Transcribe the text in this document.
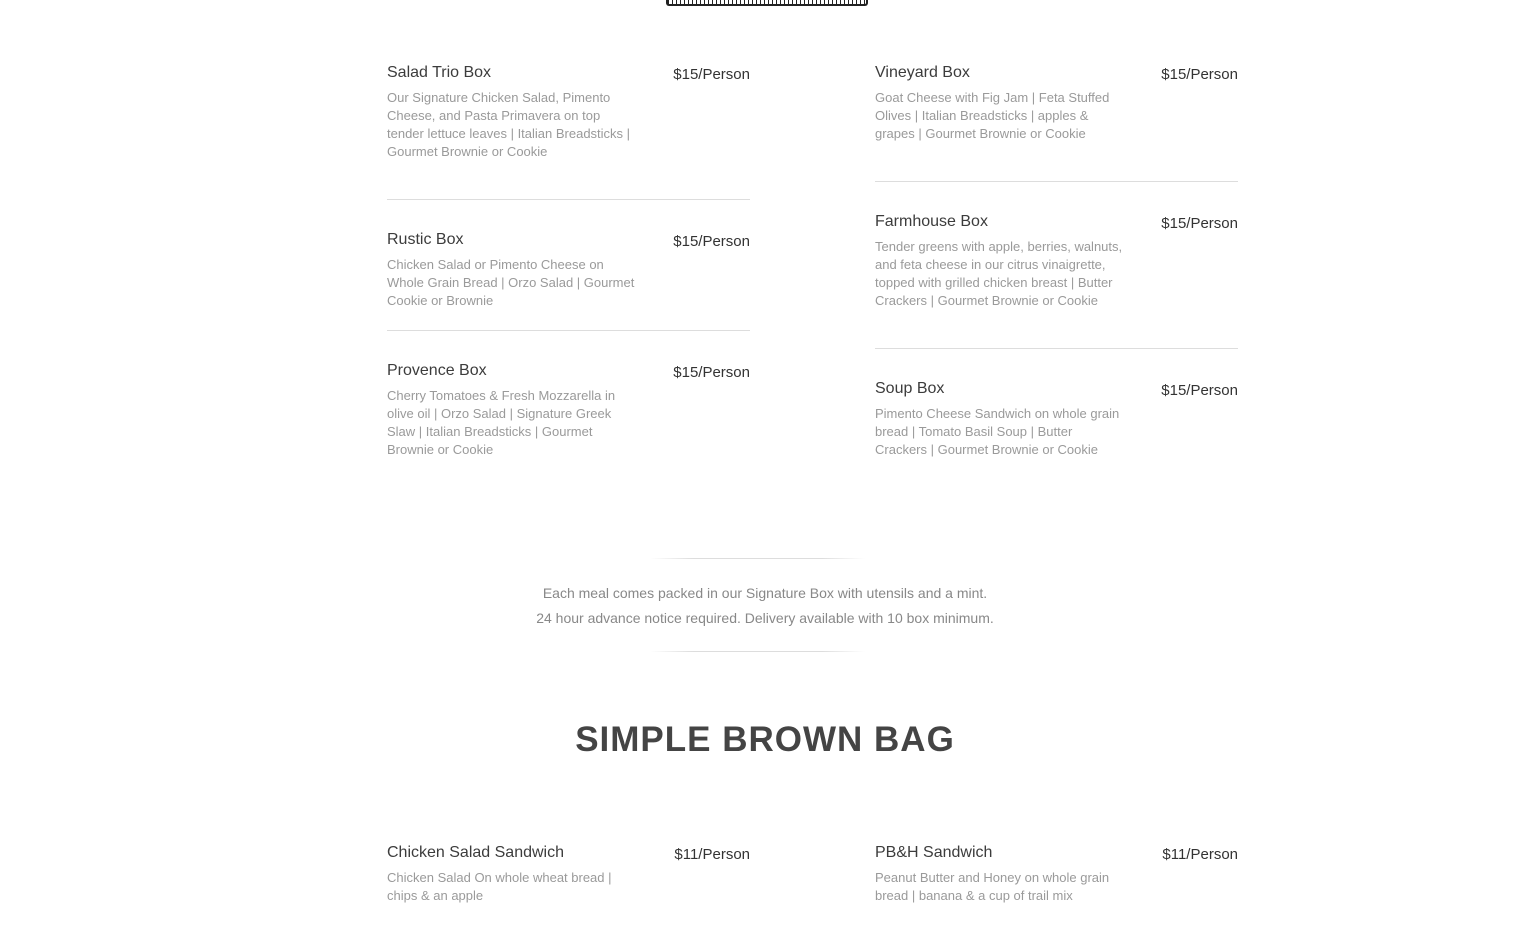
Salad Trio Box	$15/Person
Our Signature Chicken Salad, Pimento Cheese, and Pasta Primavera on top tender lettuce leaves | Italian Breadsticks | Gourmet Brownie or Cookie
Rustic Box	$15/Person
Chicken Salad or Pimento Cheese on Whole Grain Bread | Orzo Salad | Gourmet Cookie or Brownie
Provence Box	$15/Person
Cherry Tomatoes & Fresh Mozzarella in olive oil | Orzo Salad | Signature Greek Slaw | Italian Breadsticks | Gourmet Brownie or Cookie
Vineyard Box	$15/Person
Goat Cheese with Fig Jam | Feta Stuffed Olives | Italian Breadsticks | apples & grapes | Gourmet Brownie or Cookie
Farmhouse Box	$15/Person
Tender greens with apple, berries, walnuts, and feta cheese in our citrus vinaigrette, topped with grilled chicken breast | Butter Crackers | Gourmet Brownie or Cookie
Soup Box	$15/Person
Pimento Cheese Sandwich on whole grain bread | Tomato Basil Soup | Butter Crackers | Gourmet Brownie or Cookie
Each meal comes packed in our Signature Box with utensils and a mint.
24 hour advance notice required. Delivery available with 10 box minimum.
SIMPLE BROWN BAG
Chicken Salad Sandwich	$11/Person
Chicken Salad On whole wheat bread | chips & an apple
PB&H Sandwich	$11/Person
Peanut Butter and Honey on whole grain bread | banana & a cup of trail mix
